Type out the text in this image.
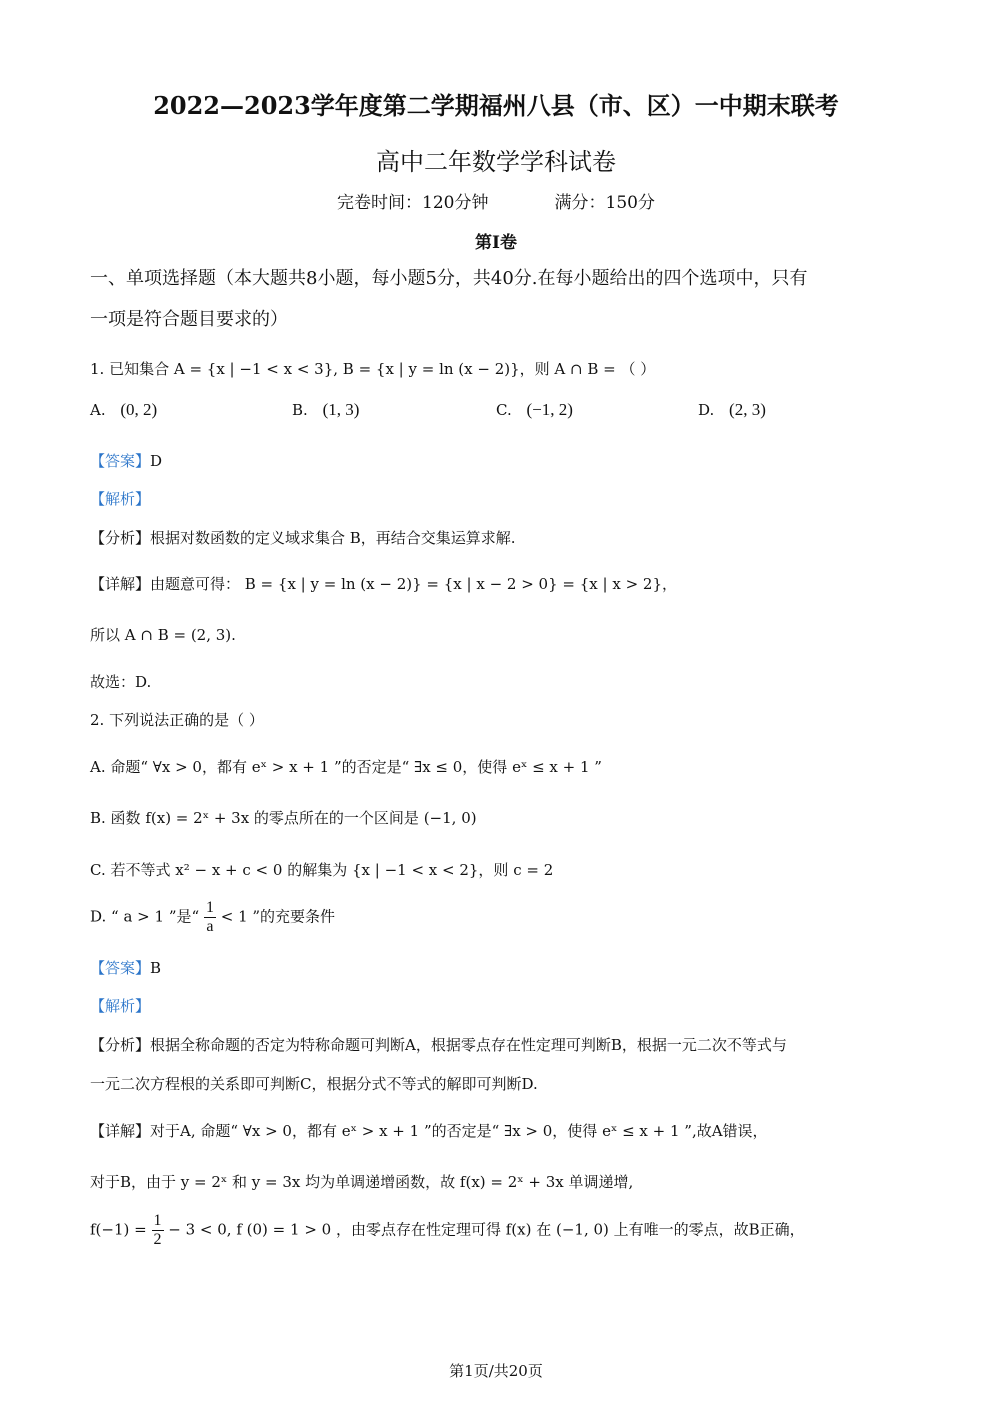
2022—2023学年度第二学期福州八县（市、区）一中期末联考
高中二年数学学科试卷
完卷时间：120分钟	满分：150分
第I卷
一、单项选择题（本大题共8小题，每小题5分，共40分.在每小题给出的四个选项中，只有
一项是符合题目要求的）
1. 已知集合 A = {x | −1 < x < 3}, B = {x | y = ln (x − 2)}，则 A ∩ B = （ ）
A. (0, 2)	B. (1, 3)	C. (−1, 2)	D. (2, 3)
【答案】D
【解析】
【分析】根据对数函数的定义域求集合 B，再结合交集运算求解.
【详解】由题意可得： B = {x | y = ln (x − 2)} = {x | x − 2 > 0} = {x | x > 2}，
所以 A ∩ B = (2, 3).
故选：D.
2. 下列说法正确的是（ ）
A. 命题“ ∀x > 0，都有 eˣ > x + 1 ”的否定是“ ∃x ≤ 0，使得 eˣ ≤ x + 1 ”
B. 函数 f(x) = 2ˣ + 3x 的零点所在的一个区间是 (−1, 0)
C. 若不等式 x² − x + c < 0 的解集为 {x | −1 < x < 2}，则 c = 2
D. “ a > 1 ”是“ $\frac{1}{a} < 1$ ”的充要条件
【答案】B
【解析】
【分析】根据全称命题的否定为特称命题可判断A，根据零点存在性定理可判断B，根据一元二次不等式与
一元二次方程根的关系即可判断C，根据分式不等式的解即可判断D.
【详解】对于A, 命题“ ∀x > 0，都有 eˣ > x + 1 ”的否定是“ ∃x > 0，使得 eˣ ≤ x + 1 ”,故A错误，
对于B，由于 y = 2ˣ 和 y = 3x 均为单调递增函数，故 f(x) = 2ˣ + 3x 单调递增,
$f(-1) = \frac{1}{2} - 3 < 0$, f (0) = 1 > 0 ，由零点存在性定理可得 f(x) 在 (−1, 0) 上有唯一的零点，故B正确，
第1页/共20页
